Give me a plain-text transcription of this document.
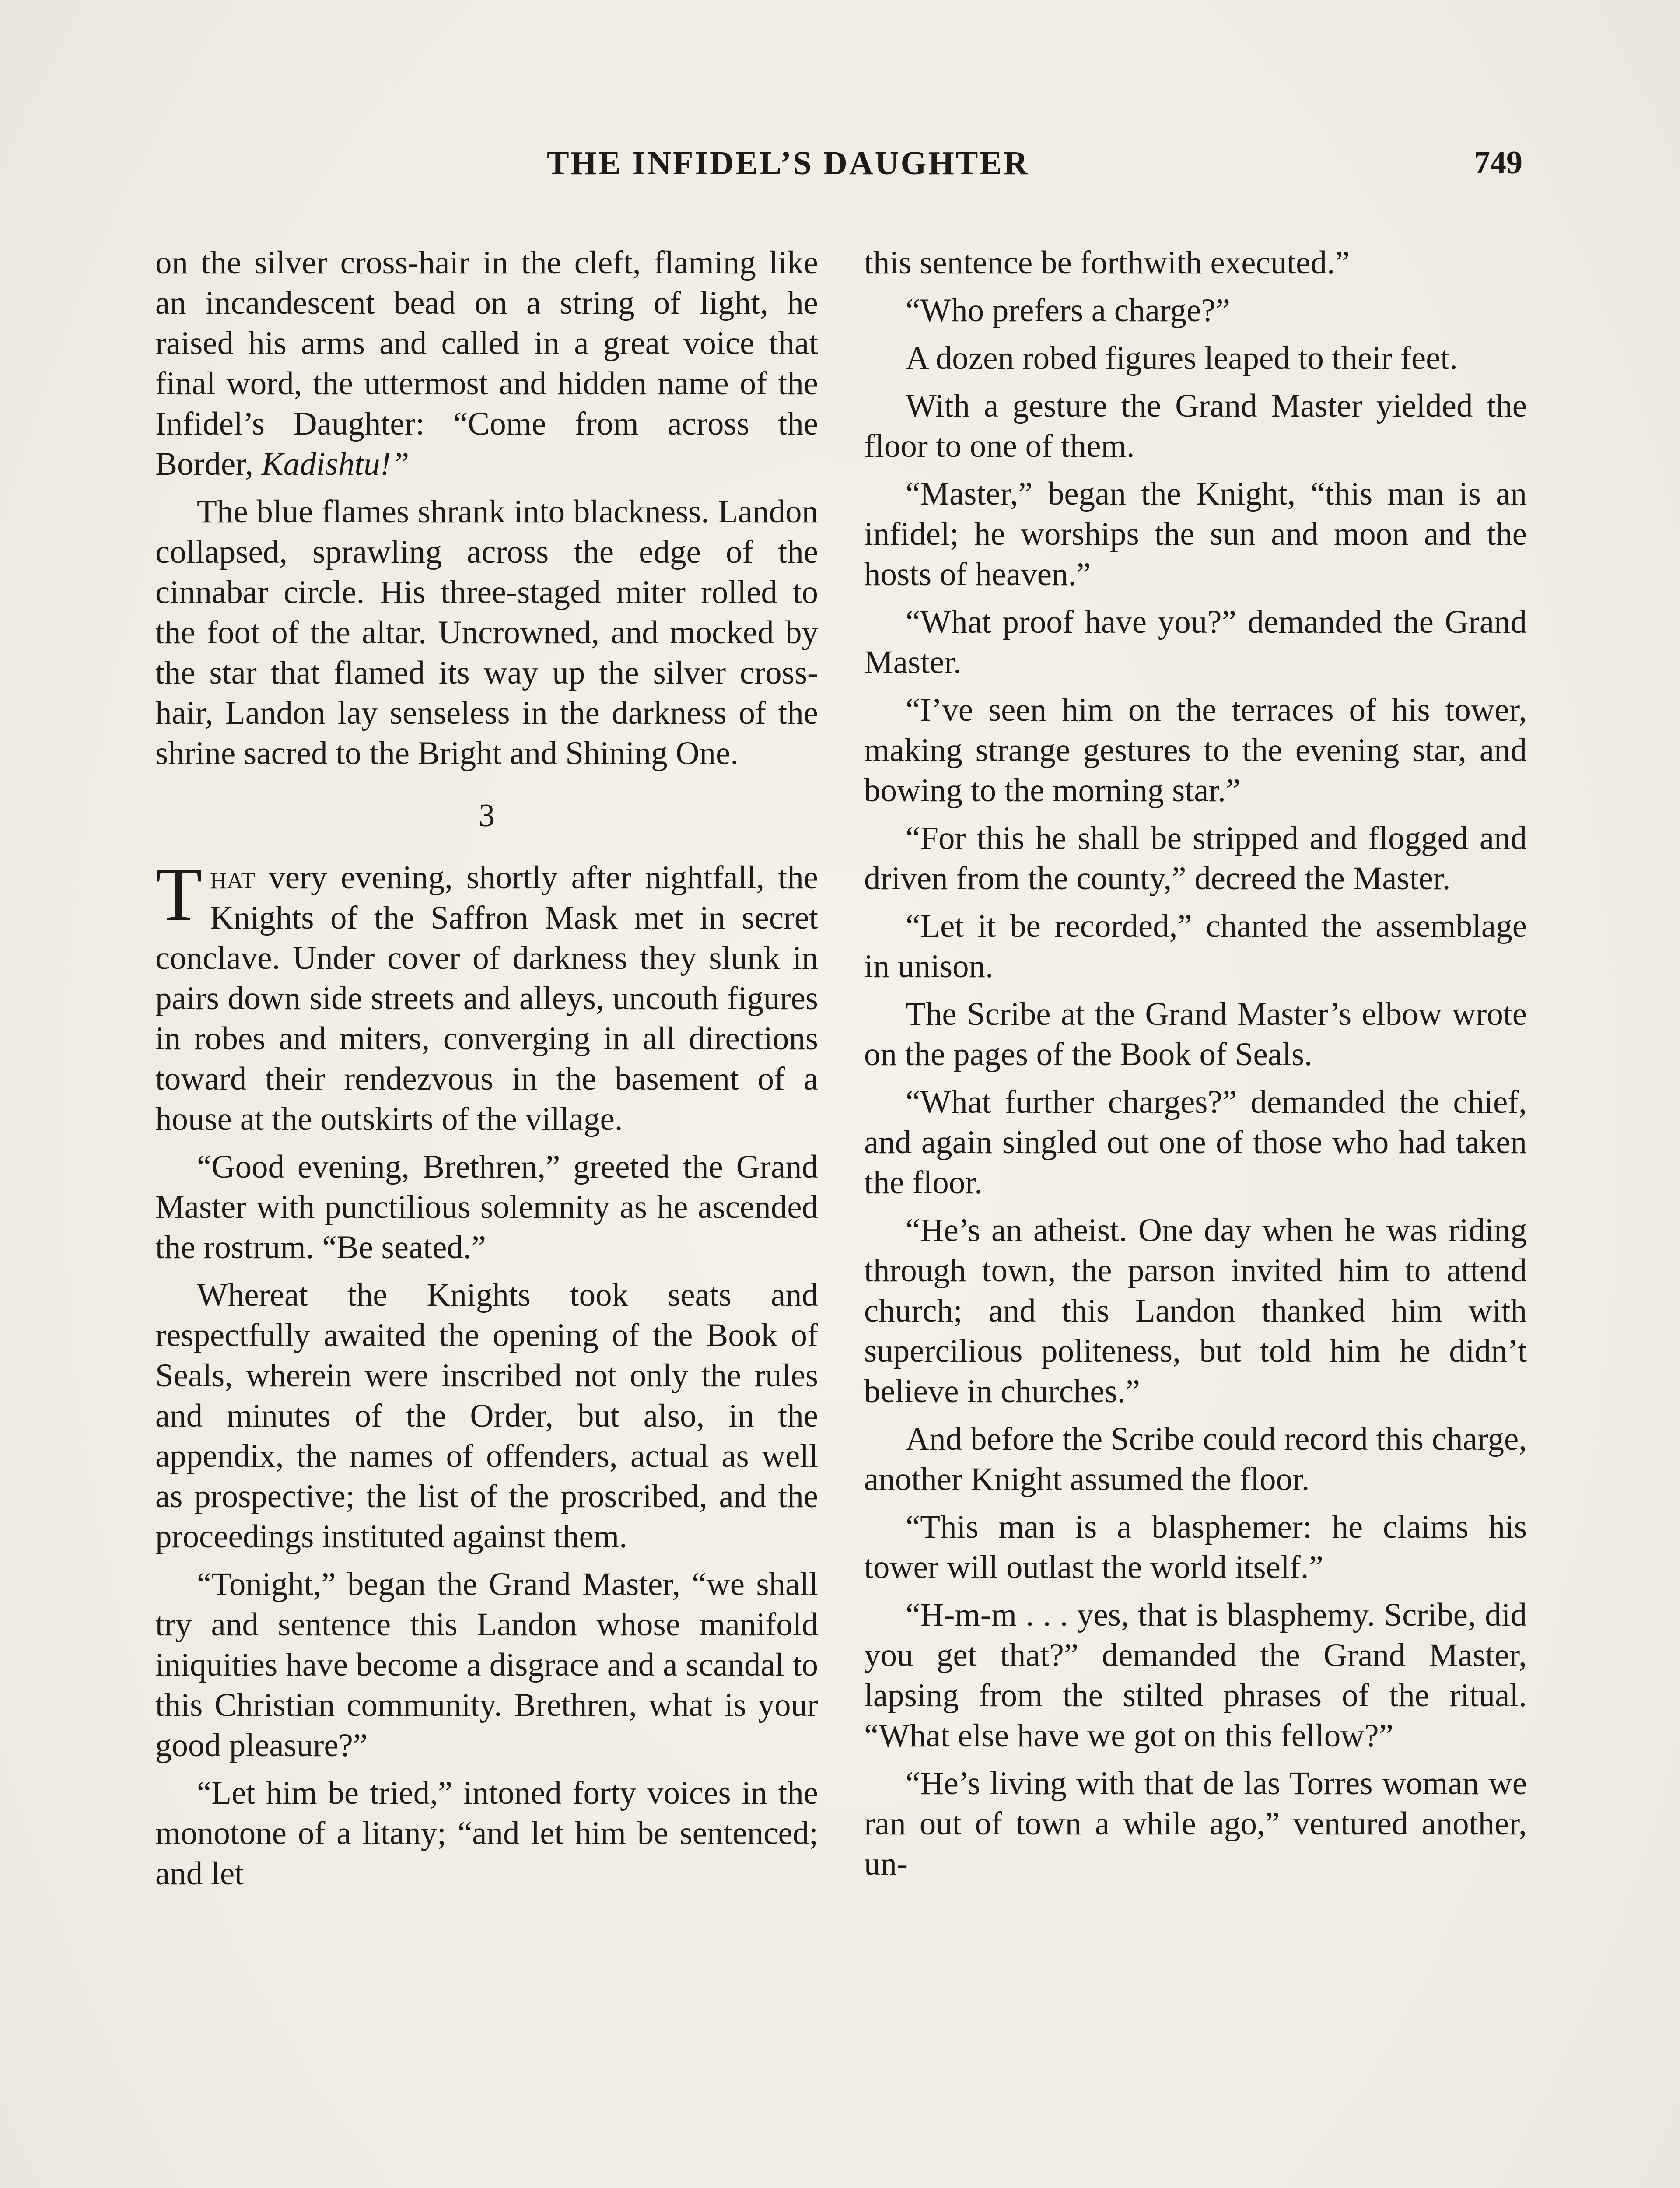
THE INFIDEL’S DAUGHTER	749

on the silver cross-hair in the cleft, flaming like an incandescent bead on a string of light, he raised his arms and called in a great voice that final word, the uttermost and hidden name of the Infidel’s Daughter: “Come from across the Border, Kadishtu!”

The blue flames shrank into blackness. Landon collapsed, sprawling across the edge of the cinnabar circle. His three-staged miter rolled to the foot of the altar. Uncrowned, and mocked by the star that flamed its way up the silver cross-hair, Landon lay senseless in the darkness of the shrine sacred to the Bright and Shining One.

3

That very evening, shortly after nightfall, the Knights of the Saffron Mask met in secret conclave. Under cover of darkness they slunk in pairs down side streets and alleys, uncouth figures in robes and miters, converging in all directions toward their rendezvous in the basement of a house at the outskirts of the village.

“Good evening, Brethren,” greeted the Grand Master with punctilious solemnity as he ascended the rostrum. “Be seated.”

Whereat the Knights took seats and respectfully awaited the opening of the Book of Seals, wherein were inscribed not only the rules and minutes of the Order, but also, in the appendix, the names of offenders, actual as well as prospective; the list of the proscribed, and the proceedings instituted against them.

“Tonight,” began the Grand Master, “we shall try and sentence this Landon whose manifold iniquities have become a disgrace and a scandal to this Christian community. Brethren, what is your good pleasure?”

“Let him be tried,” intoned forty voices in the monotone of a litany; “and let him be sentenced; and let

this sentence be forthwith executed.”

“Who prefers a charge?”

A dozen robed figures leaped to their feet.

With a gesture the Grand Master yielded the floor to one of them.

“Master,” began the Knight, “this man is an infidel; he worships the sun and moon and the hosts of heaven.”

“What proof have you?” demanded the Grand Master.

“I’ve seen him on the terraces of his tower, making strange gestures to the evening star, and bowing to the morning star.”

“For this he shall be stripped and flogged and driven from the county,” decreed the Master.

“Let it be recorded,” chanted the assemblage in unison.

The Scribe at the Grand Master’s elbow wrote on the pages of the Book of Seals.

“What further charges?” demanded the chief, and again singled out one of those who had taken the floor.

“He’s an atheist. One day when he was riding through town, the parson invited him to attend church; and this Landon thanked him with supercilious politeness, but told him he didn’t believe in churches.”

And before the Scribe could record this charge, another Knight assumed the floor.

“This man is a blasphemer: he claims his tower will outlast the world itself.”

“H-m-m . . . yes, that is blasphemy. Scribe, did you get that?” demanded the Grand Master, lapsing from the stilted phrases of the ritual. “What else have we got on this fellow?”

“He’s living with that de las Torres woman we ran out of town a while ago,” ventured another, un-
